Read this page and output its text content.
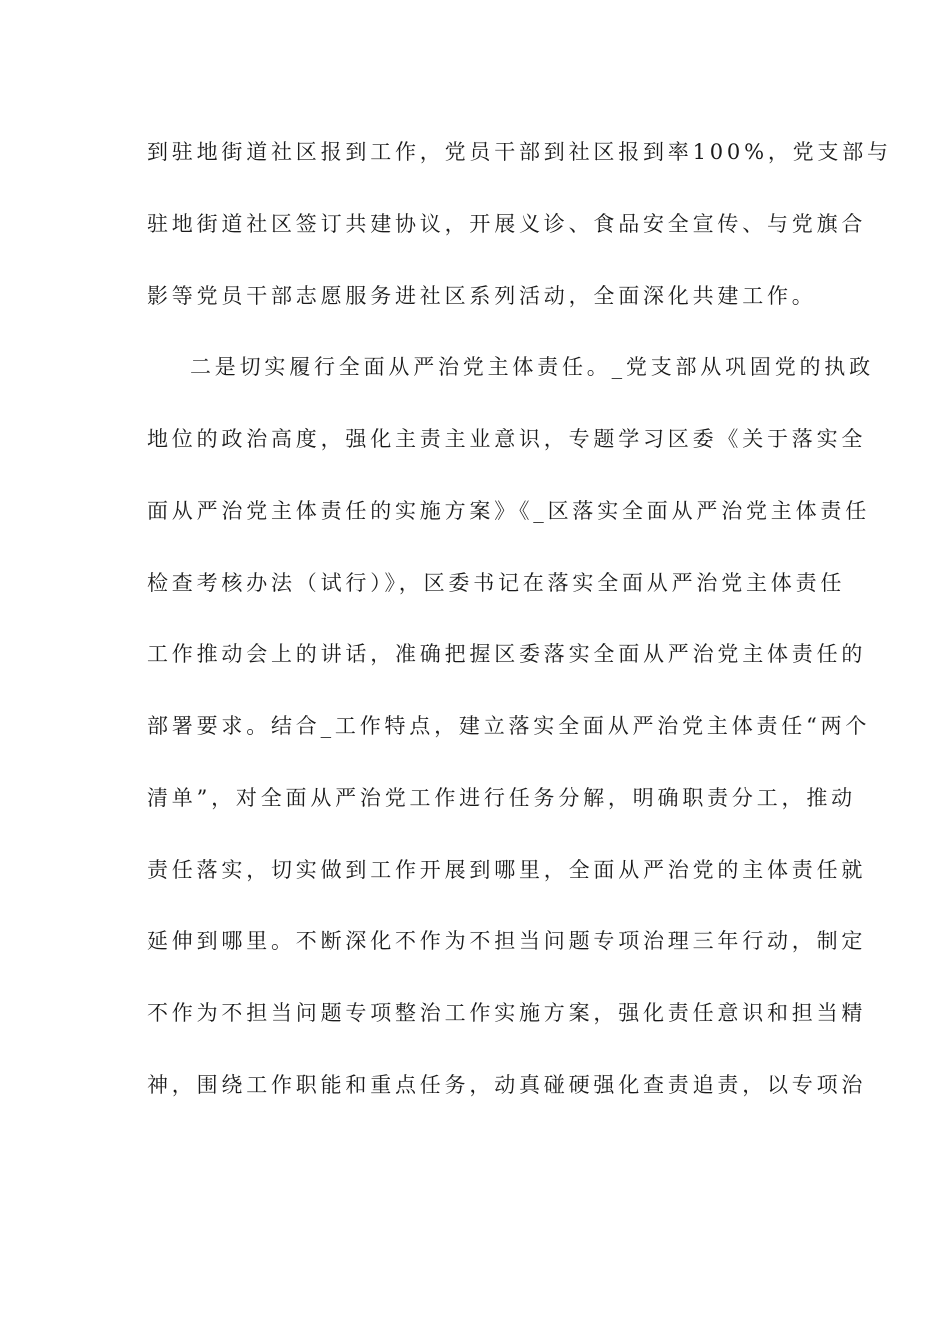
到驻地街道社区报到工作，党员干部到社区报到率100%，党支部与
驻地街道社区签订共建协议，开展义诊、食品安全宣传、与党旗合
影等党员干部志愿服务进社区系列活动，全面深化共建工作。
二是切实履行全面从严治党主体责任。_党支部从巩固党的执政
地位的政治高度，强化主责主业意识，专题学习区委《关于落实全
面从严治党主体责任的实施方案》《_区落实全面从严治党主体责任
检查考核办法（试行）》，区委书记在落实全面从严治党主体责任
工作推动会上的讲话，准确把握区委落实全面从严治党主体责任的
部署要求。结合_工作特点，建立落实全面从严治党主体责任“两个
清单”，对全面从严治党工作进行任务分解，明确职责分工，推动
责任落实，切实做到工作开展到哪里，全面从严治党的主体责任就
延伸到哪里。不断深化不作为不担当问题专项治理三年行动，制定
不作为不担当问题专项整治工作实施方案，强化责任意识和担当精
神，围绕工作职能和重点任务，动真碰硬强化查责追责，以专项治
